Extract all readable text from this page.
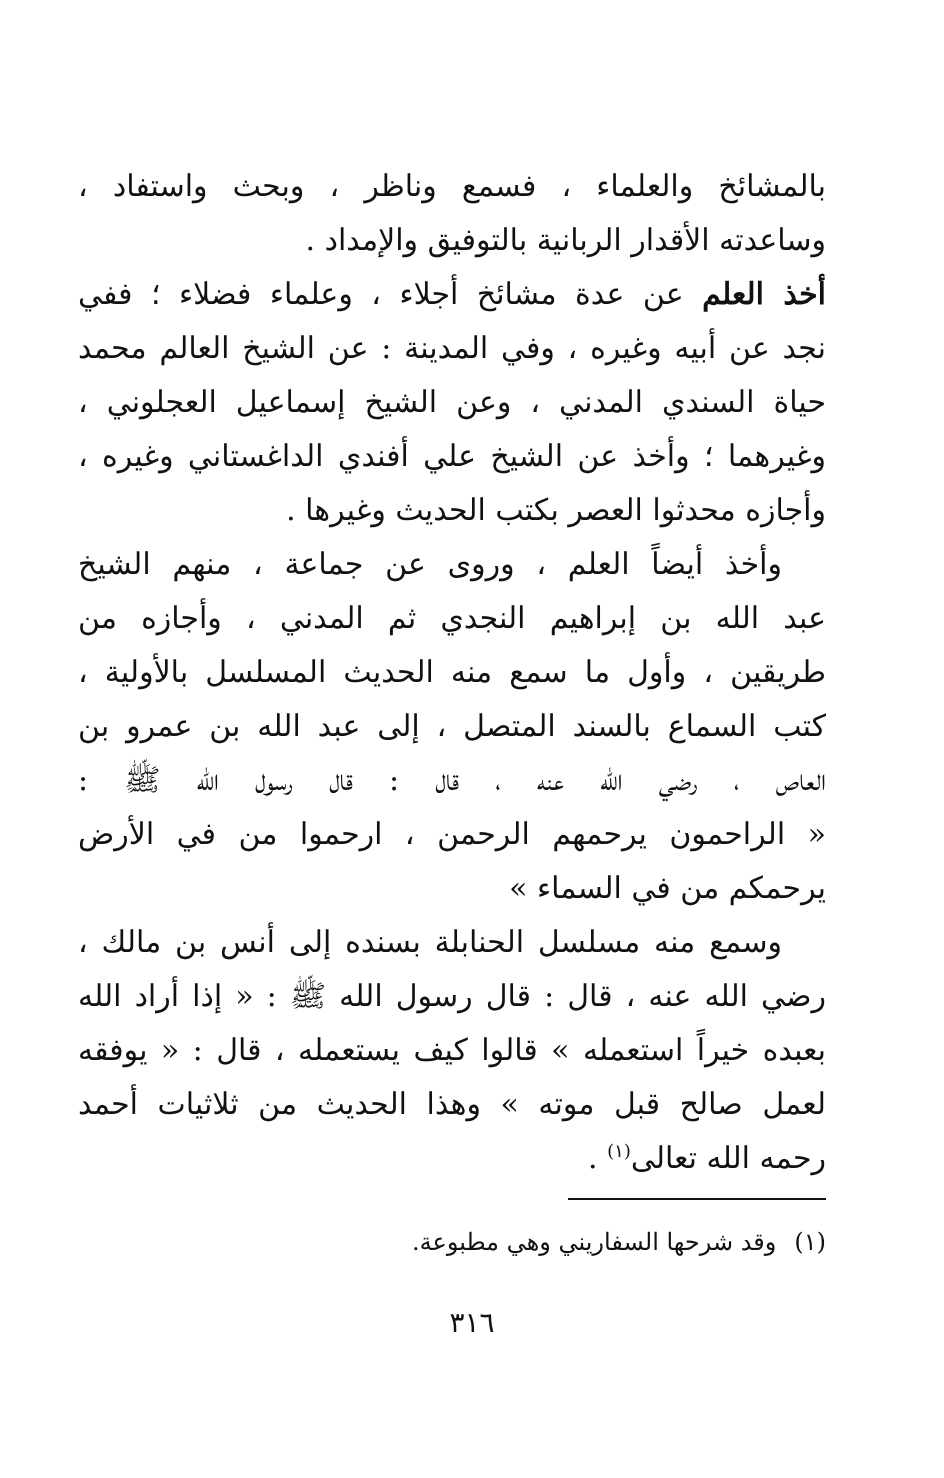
بالمشائخ والعلماء ، فسمع وناظر ، وبحث واستفاد ،
وساعدته الأقدار الربانية بالتوفيق والإمداد .
أخذ العلم عن عدة مشائخ أجلاء ، وعلماء فضلاء ؛ ففي
نجد عن أبيه وغيره ، وفي المدينة : عن الشيخ العالم محمد
حياة السندي المدني ، وعن الشيخ إسماعيل العجلوني ،
وغيرهما ؛ وأخذ عن الشيخ علي أفندي الداغستاني وغيره ،
وأجازه محدثوا العصر بكتب الحديث وغيرها .
وأخذ أيضاً العلم ، وروى عن جماعة ، منهم الشيخ
عبد الله بن إبراهيم النجدي ثم المدني ، وأجازه من
طريقين ، وأول ما سمع منه الحديث المسلسل بالأولية ،
كتب السماع بالسند المتصل ، إلى عبد الله بن عمرو بن
العاص ، رضي الله عنه ، قال : قال رسول الله ﷺ :
« الراحمون يرحمهم الرحمن ، ارحموا من في الأرض
يرحمكم من في السماء »
وسمع منه مسلسل الحنابلة بسنده إلى أنس بن مالك ،
رضي الله عنه ، قال : قال رسول الله ﷺ : « إذا أراد الله
بعبده خيراً استعمله » قالوا كيف يستعمله ، قال : « يوفقه
لعمل صالح قبل موته » وهذا الحديث من ثلاثيات أحمد
رحمه الله تعالى$^{(١)}$ .
(١)وقد شرحها السفاريني وهي مطبوعة.
٣١٦
